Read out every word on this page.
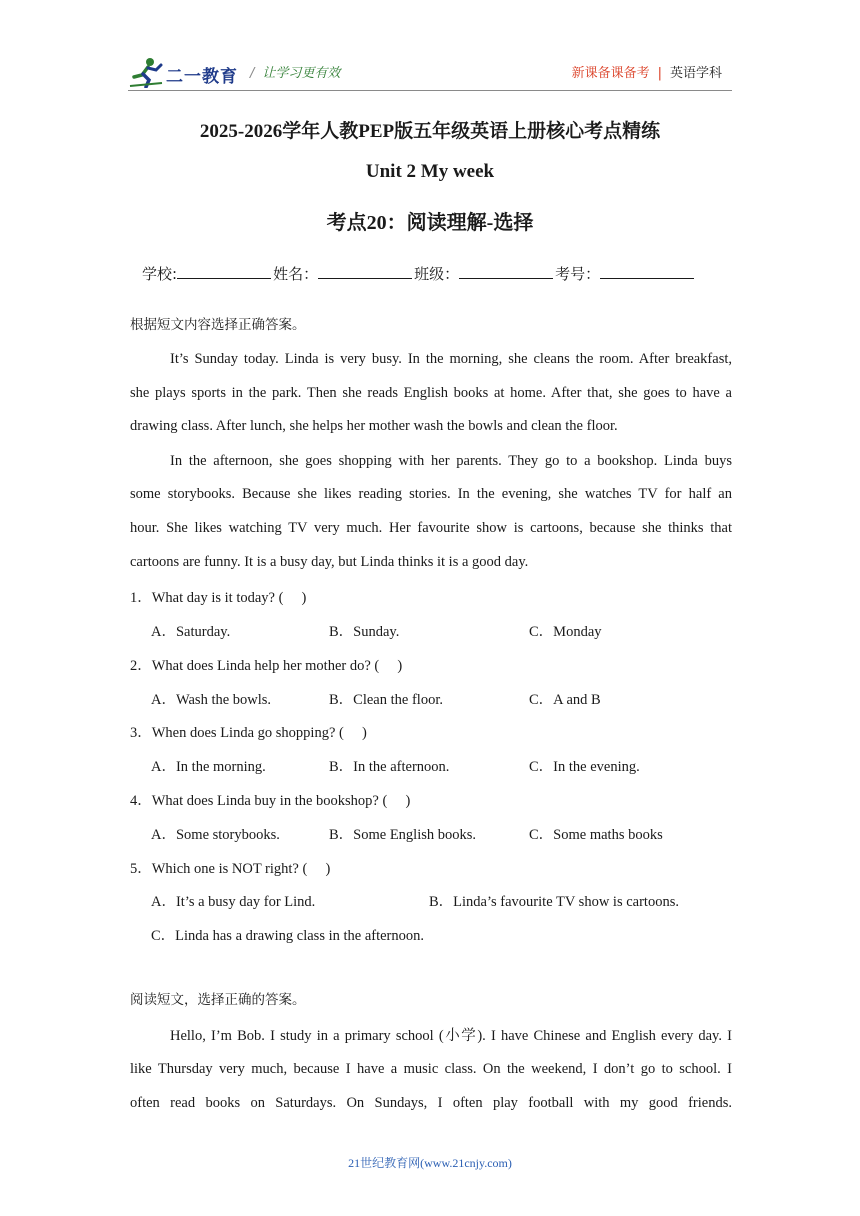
二一教育 / 让学习更有效	新课备课备考 | 英语学科
2025-2026学年人教PEP版五年级英语上册核心考点精练
Unit 2 My week
考点20：阅读理解-选择
学校:	姓名：	班级：	考号：
根据短文内容选择正确答案。
It’s Sunday today. Linda is very busy. In the morning, she cleans the room. After breakfast,
she plays sports in the park. Then she reads English books at home. After that, she goes to have a
drawing class. After lunch, she helps her mother wash the bowls and clean the floor.
In the afternoon, she goes shopping with her parents. They go to a bookshop. Linda buys
some storybooks. Because she likes reading stories. In the evening, she watches TV for half an
hour. She likes watching TV very much. Her favourite show is cartoons, because she thinks that
cartoons are funny. It is a busy day, but Linda thinks it is a good day.
1．What day is it today? (　 )
A．Saturday.	B．Sunday.	C．Monday
2．What does Linda help her mother do? (　 )
A．Wash the bowls.	B．Clean the floor.	C．A and B
3．When does Linda go shopping? (　 )
A．In the morning.	B．In the afternoon.	C．In the evening.
4．What does Linda buy in the bookshop? (　 )
A．Some storybooks.	B．Some English books.	C．Some maths books
5．Which one is NOT right? (　 )
A．It’s a busy day for Lind.	B．Linda’s favourite TV show is cartoons.
C．Linda has a drawing class in the afternoon.
阅读短文，选择正确的答案。
Hello, I’m Bob. I study in a primary school (小学). I have Chinese and English every day. I
like Thursday very much, because I have a music class. On the weekend, I don’t go to school. I
often read books on Saturdays. On Sundays, I often play football with my good friends.
21世纪教育网(www.21cnjy.com)
